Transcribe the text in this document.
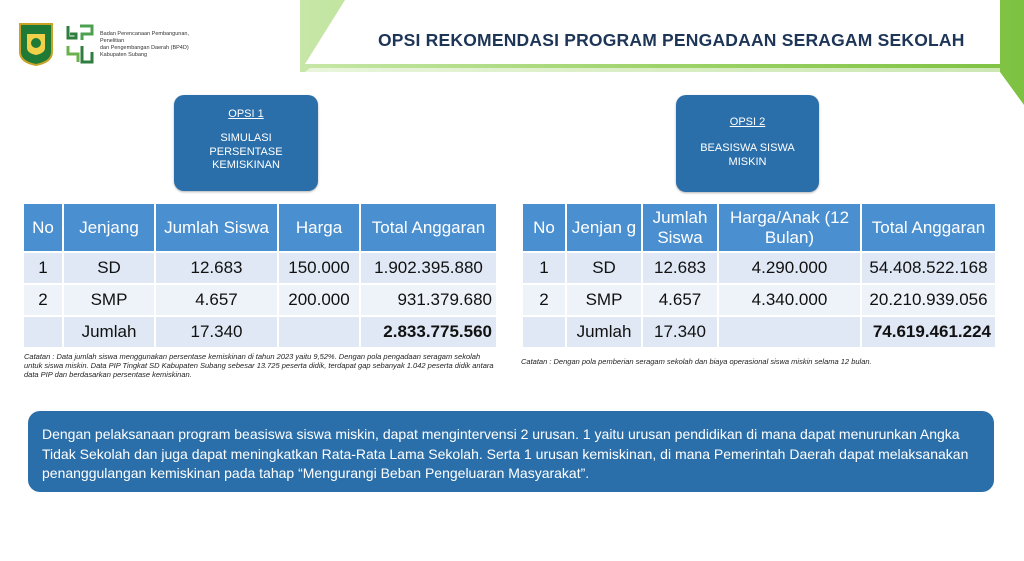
Badan Perencanaan Pembangunan,
Penelitian
dan Pengembangan Daerah (BP4D)
Kabupaten Subang
OPSI REKOMENDASI PROGRAM PENGADAAN SERAGAM SEKOLAH
OPSI 1
SIMULASI PERSENTASE KEMISKINAN
OPSI 2
BEASISWA SISWA MISKIN
No	Jenjang	Jumlah Siswa	Harga	Total Anggaran
1	SD	12.683	150.000	1.902.395.880
2	SMP	4.657	200.000	931.379.680
	Jumlah	17.340		2.833.775.560
No	Jenjan g	Jumlah Siswa	Harga/Anak (12 Bulan)	Total Anggaran
1	SD	12.683	4.290.000	54.408.522.168
2	SMP	4.657	4.340.000	20.210.939.056
	Jumlah	17.340		74.619.461.224
Catatan : Data jumlah siswa menggunakan persentase kemiskinan di tahun 2023 yaitu 9,52%. Dengan pola pengadaan seragam sekolah untuk siswa miskin. Data PIP Tingkat SD Kabupaten Subang sebesar 13.725 peserta didik, terdapat gap sebanyak 1.042 peserta didik antara data PIP dan berdasarkan persentase kemiskinan.
Catatan : Dengan pola pemberian seragam sekolah dan biaya operasional siswa miskin selama 12 bulan.
Dengan pelaksanaan program beasiswa siswa miskin, dapat mengintervensi 2 urusan. 1 yaitu urusan pendidikan di mana dapat menurunkan Angka Tidak Sekolah dan juga dapat meningkatkan Rata-Rata Lama Sekolah. Serta 1 urusan kemiskinan, di mana Pemerintah Daerah dapat melaksanakan penanggulangan kemiskinan pada tahap “Mengurangi Beban Pengeluaran Masyarakat”.
